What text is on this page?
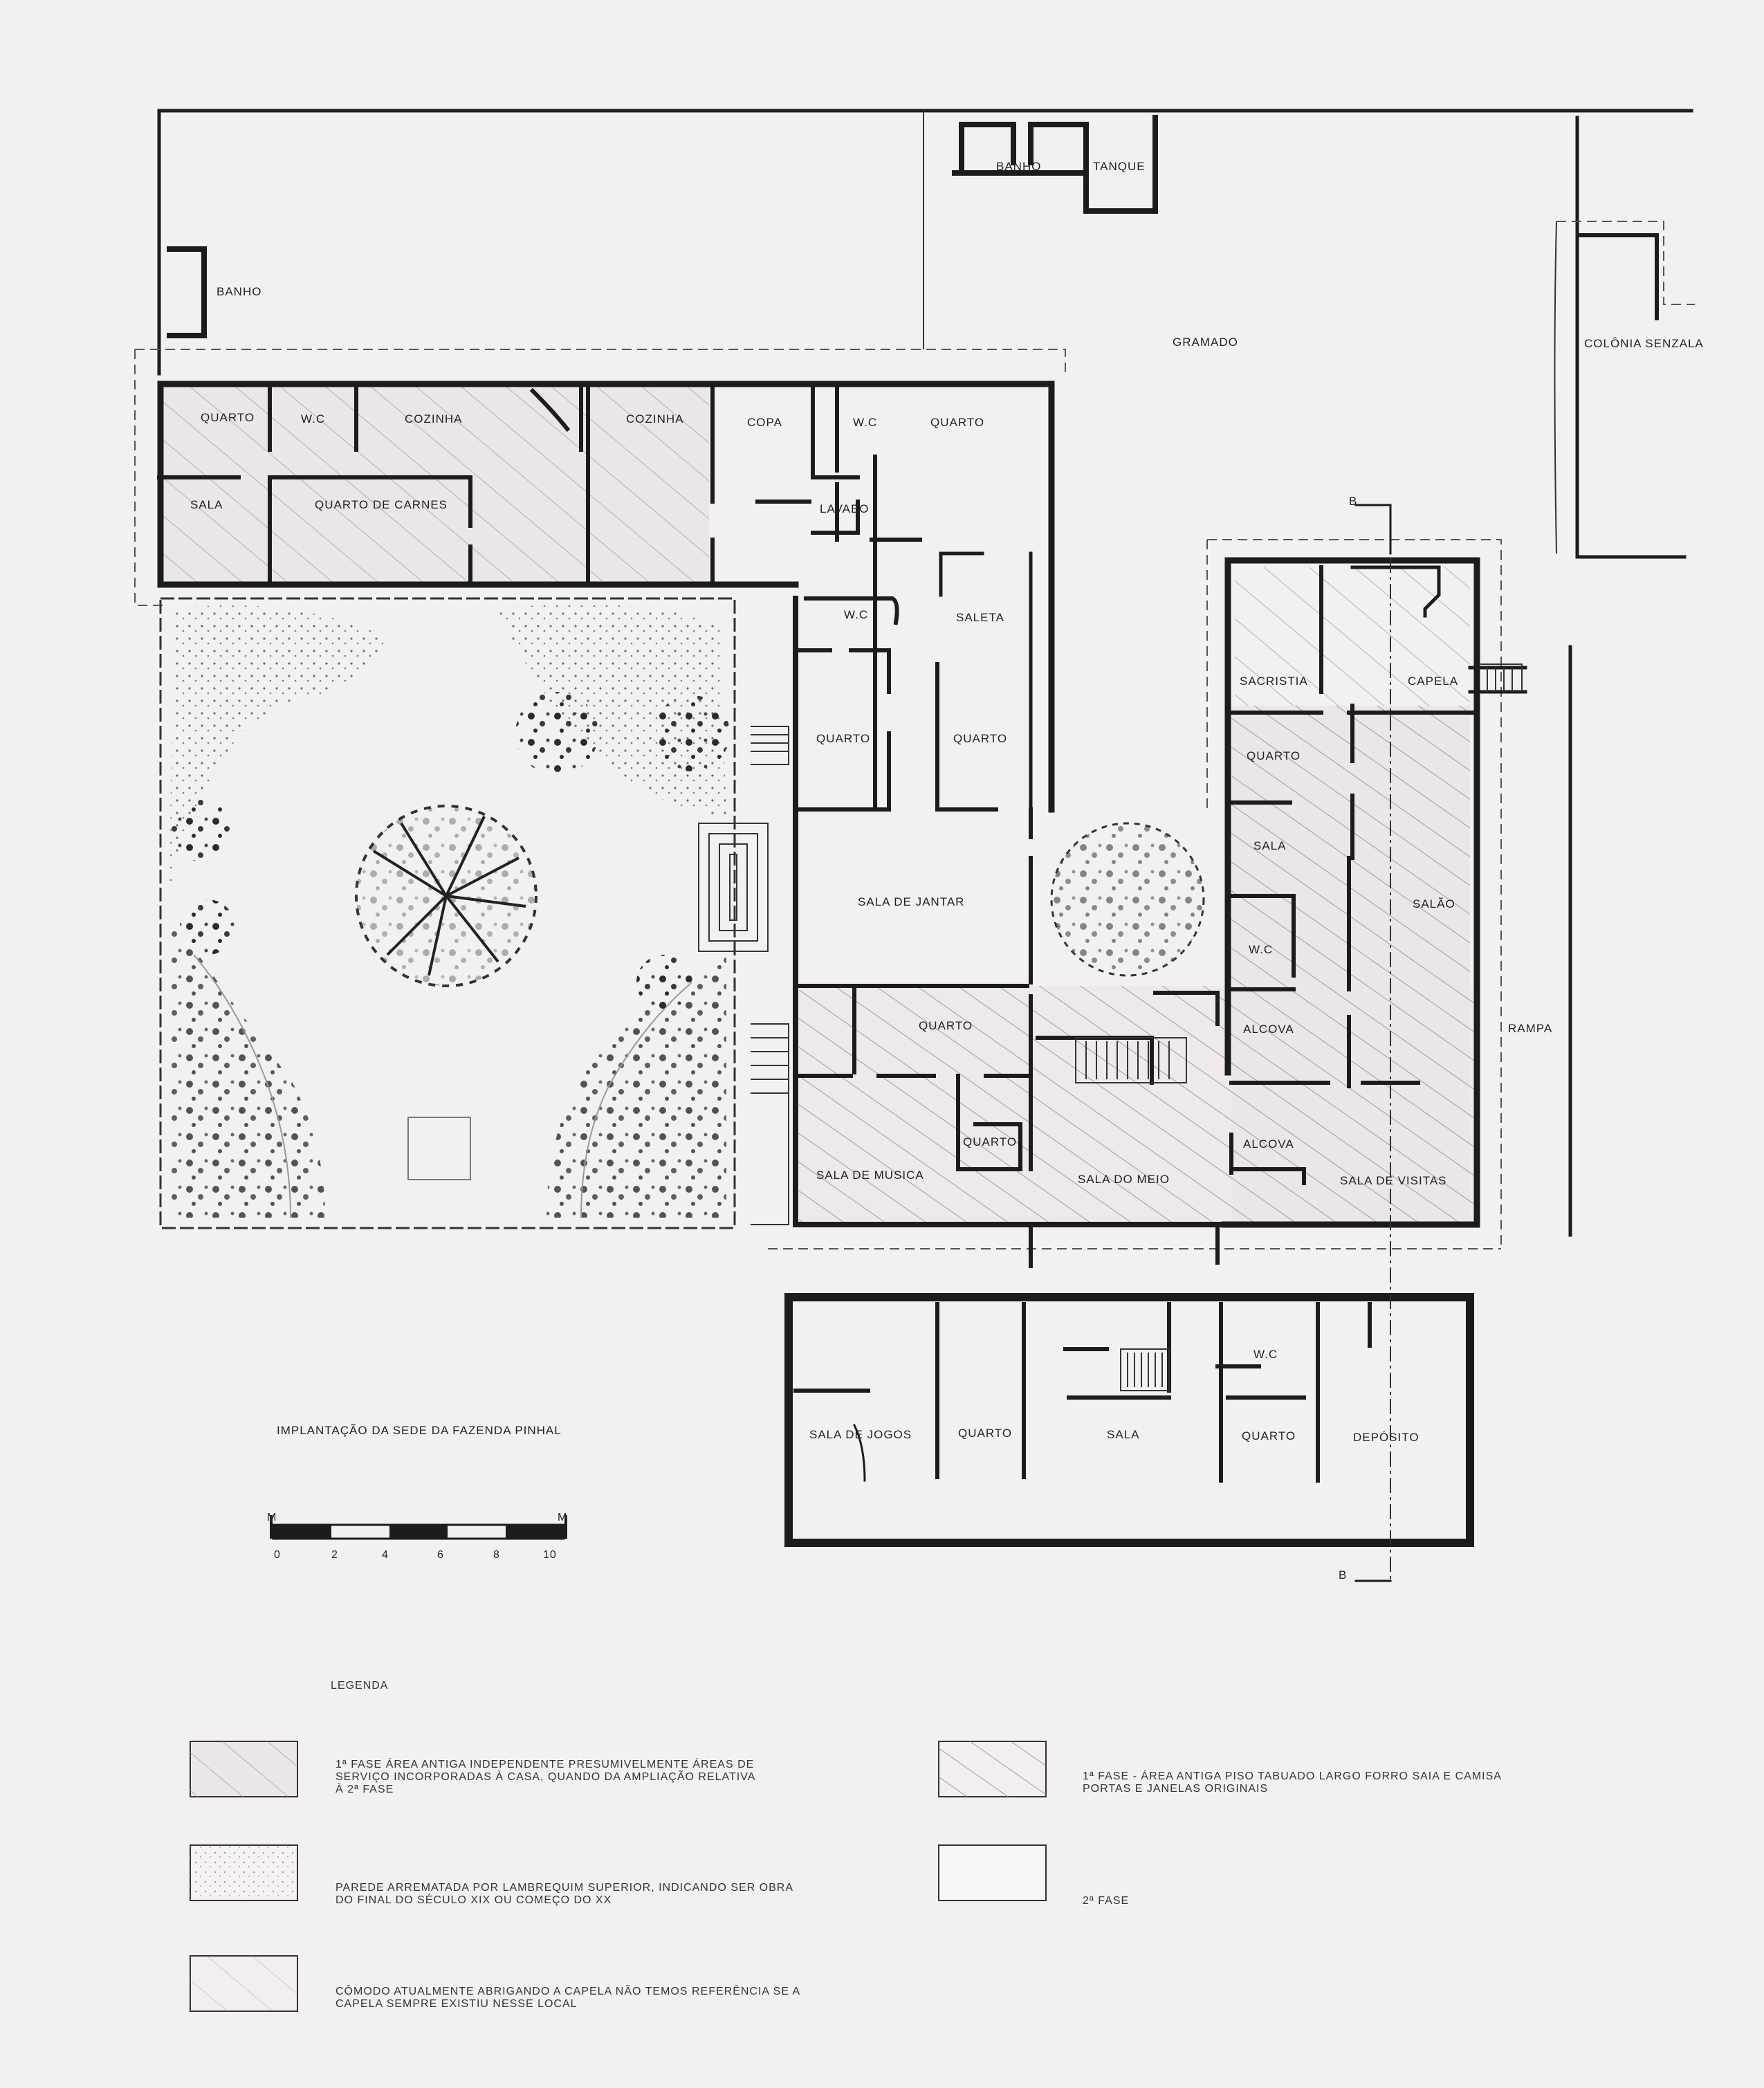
B
B
BANHO	TANQUE
BANHO
GRAMADO	COLÔNIA SENZALA
QUARTO	W.C	COZINHA	COZINHA	COPA	W.C	QUARTO
SALA	QUARTO DE CARNES	LAVABO
W.C	SALETA
QUARTO	QUARTO
SALA DE JANTAR
QUARTO
QUARTO
SALA DE MUSICA	SALA DO MEIO
SACRISTIA	CAPELA
QUARTO
SALA
SALÃO
W.C
ALCOVA
ALCOVA
SALA DE VISITAS
RAMPA
SALA DE JOGOS	QUARTO	SALA
W.C
QUARTO	DEPÓSITO
IMPLANTAÇÃO DA SEDE DA FAZENDA PINHAL
M	M
0	2	4	6	8	10
LEGENDA
1ª FASE ÁREA ANTIGA INDEPENDENTE PRESUMIVELMENTE ÁREAS DE
SERVIÇO INCORPORADAS À CASA, QUANDO DA AMPLIAÇÃO RELATIVA
À 2ª FASE
1ª FASE - ÁREA ANTIGA PISO TABUADO LARGO FORRO SAIA E CAMISA
PORTAS E JANELAS ORIGINAIS
PAREDE ARREMATADA POR LAMBREQUIM SUPERIOR, INDICANDO SER OBRA
DO FINAL DO SÉCULO XIX OU COMEÇO DO XX	2ª FASE
CÔMODO ATUALMENTE ABRIGANDO A CAPELA NÃO TEMOS REFERÊNCIA SE A
CAPELA SEMPRE EXISTIU NESSE LOCAL
